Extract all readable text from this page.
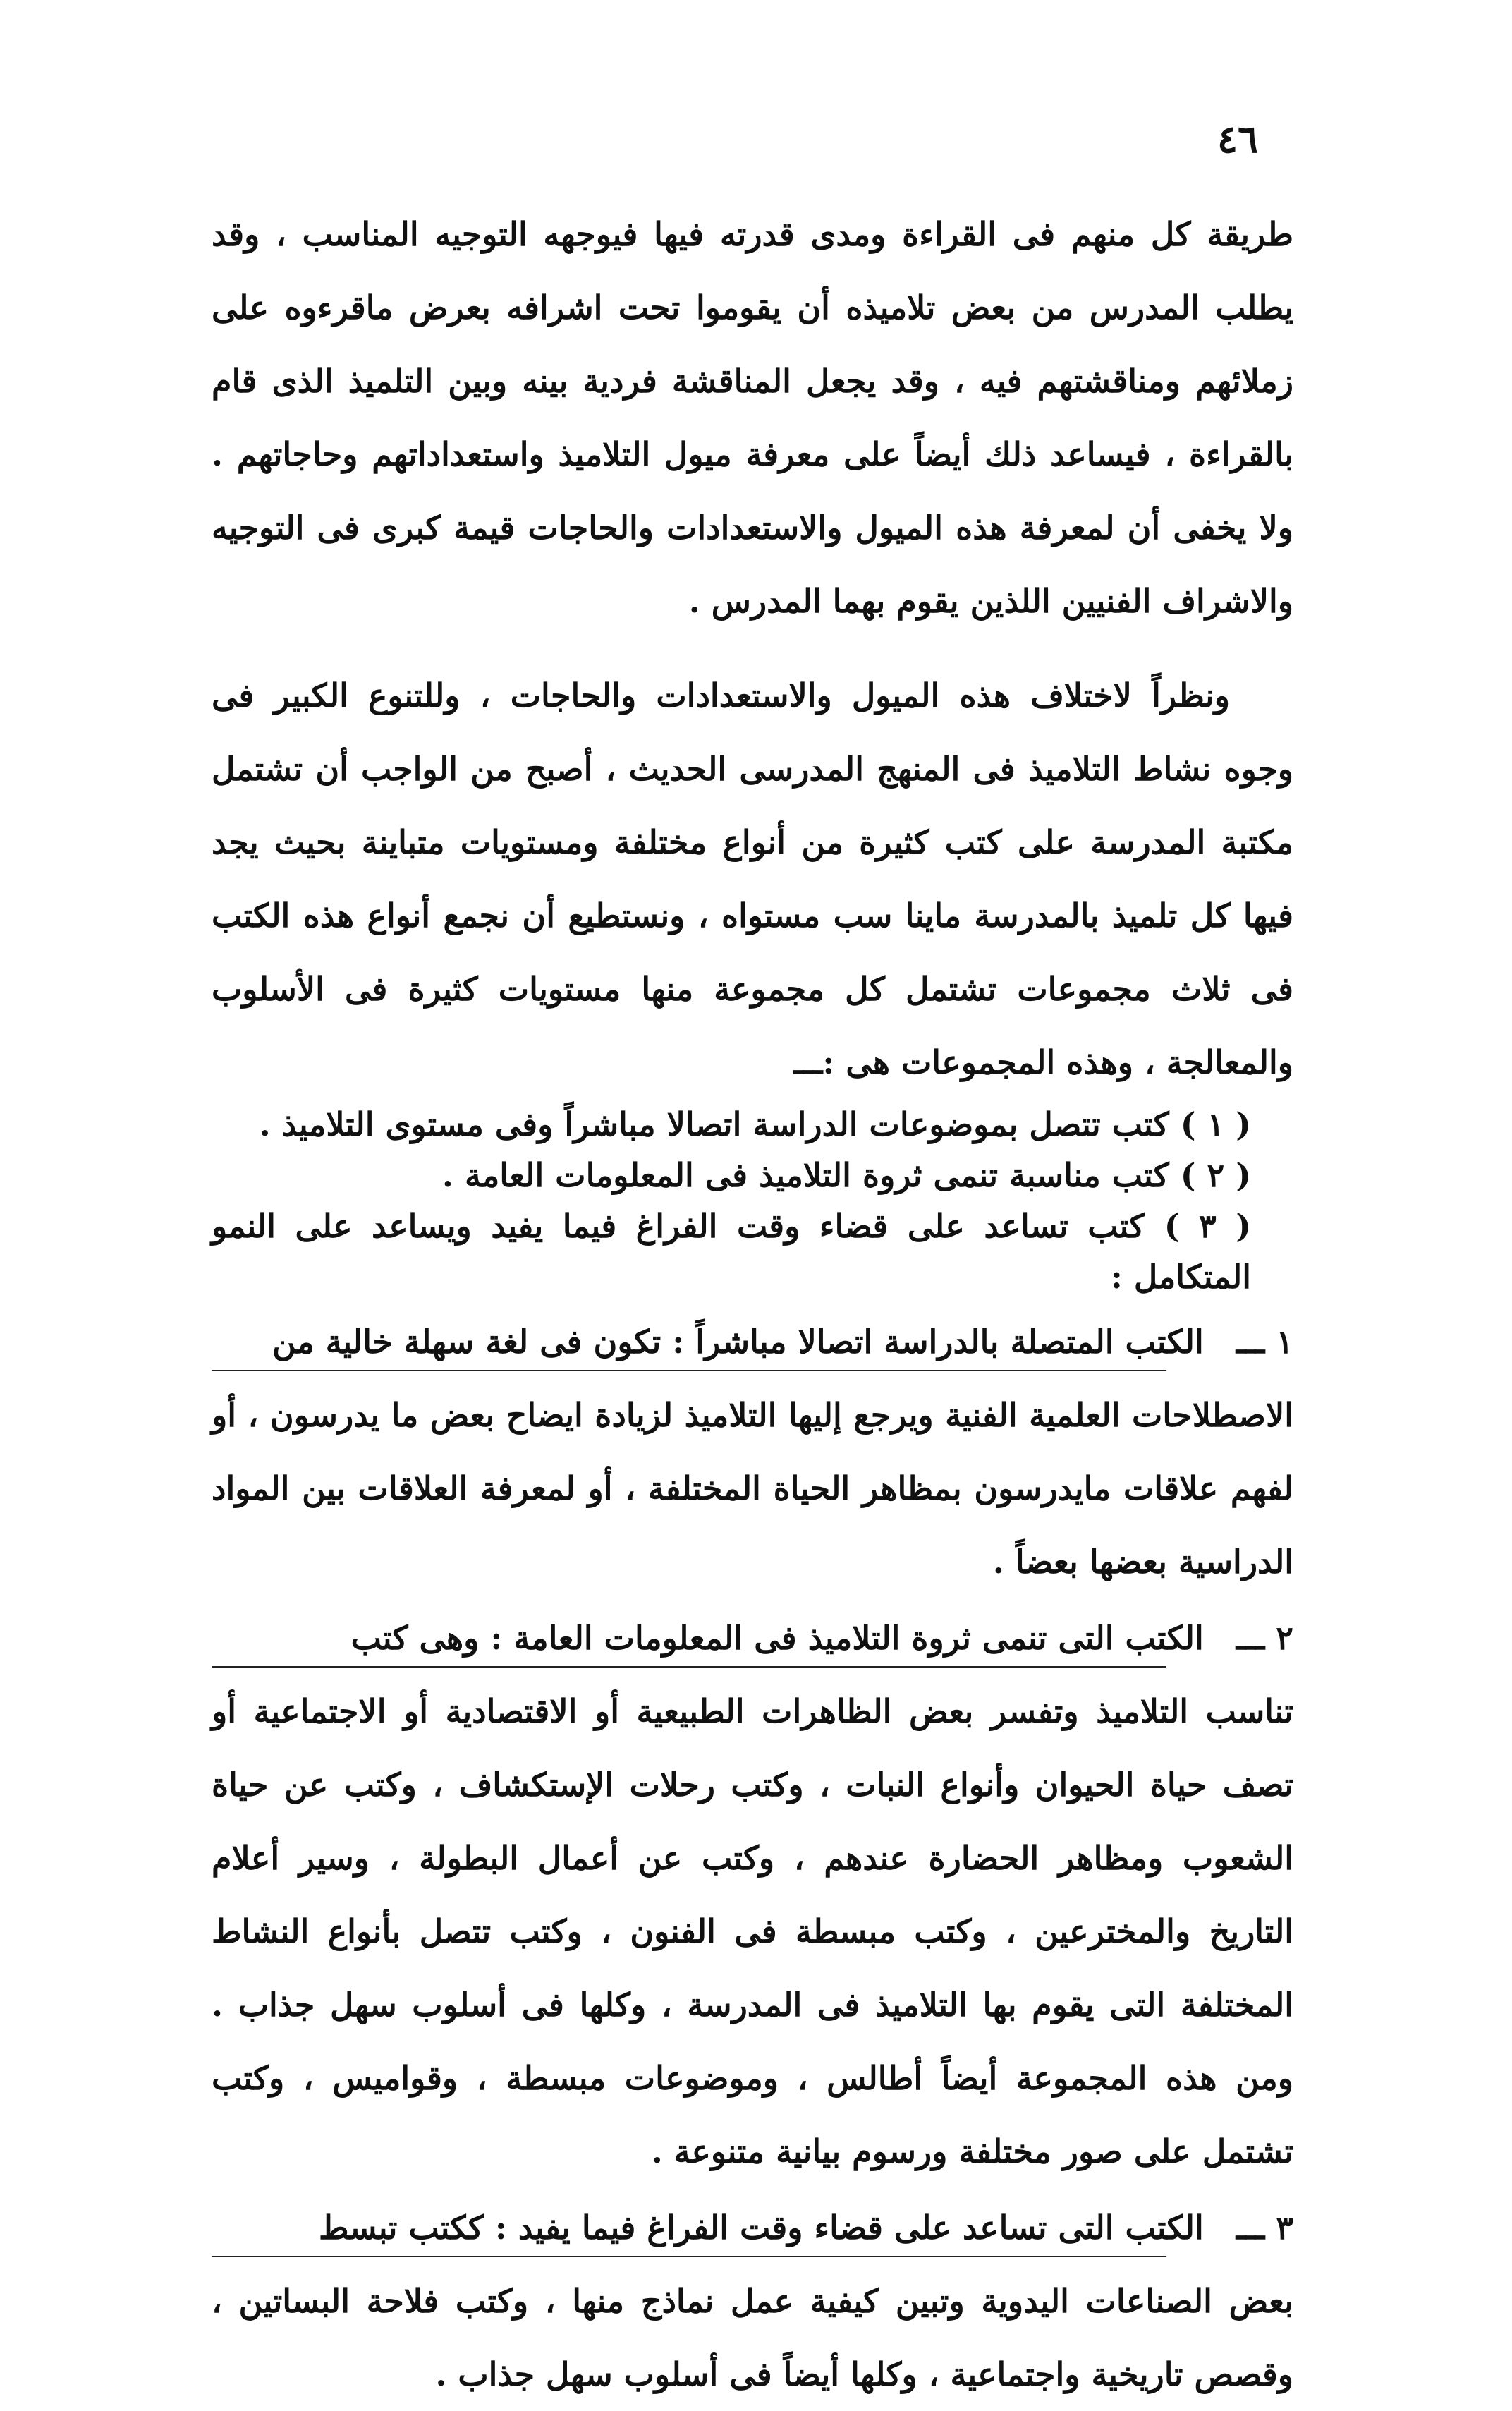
٤٦

طريقة كل منهم فى القراءة ومدى قدرته فيها فيوجهه التوجيه المناسب ، وقد يطلب المدرس من بعض تلاميذه أن يقوموا تحت اشرافه بعرض ماقرءوه على زملائهم ومناقشتهم فيه ، وقد يجعل المناقشة فردية بينه وبين التلميذ الذى قام بالقراءة ، فيساعد ذلك أيضاً على معرفة ميول التلاميذ واستعداداتهم وحاجاتهم . ولا يخفى أن لمعرفة هذه الميول والاستعدادات والحاجات قيمة كبرى فى التوجيه والاشراف الفنيين اللذين يقوم بهما المدرس .

ونظراً لاختلاف هذه الميول والاستعدادات والحاجات ، وللتنوع الكبير فى وجوه نشاط التلاميذ فى المنهج المدرسى الحديث ، أصبح من الواجب أن تشتمل مكتبة المدرسة على كتب كثيرة من أنواع مختلفة ومستويات متباينة بحيث يجد فيها كل تلميذ بالمدرسة ماينا سب مستواه ، ونستطيع أن نجمع أنواع هذه الكتب فى ثلاث مجموعات تشتمل كل مجموعة منها مستويات كثيرة فى الأسلوب والمعالجة ، وهذه المجموعات هى :ـــ

( ١ ) كتب تتصل بموضوعات الدراسة اتصالا مباشراً وفى مستوى التلاميذ .

( ٢ ) كتب مناسبة تنمى ثروة التلاميذ فى المعلومات العامة .

( ٣ ) كتب تساعد على قضاء وقت الفراغ فيما يفيد ويساعد على النمو المتكامل :

١ ـــ الكتب المتصلة بالدراسة اتصالا مباشراً : تكون فى لغة سهلة خالية من
الاصطلاحات العلمية الفنية ويرجع إليها التلاميذ لزيادة ايضاح بعض ما يدرسون ، أو لفهم علاقات مايدرسون بمظاهر الحياة المختلفة ، أو لمعرفة العلاقات بين المواد الدراسية بعضها بعضاً .
٢ ـــ الكتب التى تنمى ثروة التلاميذ فى المعلومات العامة : وهى كتب
تناسب التلاميذ وتفسر بعض الظاهرات الطبيعية أو الاقتصادية أو الاجتماعية أو تصف حياة الحيوان وأنواع النبات ، وكتب رحلات الإستكشاف ، وكتب عن حياة الشعوب ومظاهر الحضارة عندهم ، وكتب عن أعمال البطولة ، وسير أعلام التاريخ والمخترعين ، وكتب مبسطة فى الفنون ، وكتب تتصل بأنواع النشاط المختلفة التى يقوم بها التلاميذ فى المدرسة ، وكلها فى أسلوب سهل جذاب . ومن هذه المجموعة أيضاً أطالس ، وموضوعات مبسطة ، وقواميس ، وكتب تشتمل على صور مختلفة ورسوم بيانية متنوعة .
٣ ـــ الكتب التى تساعد على قضاء وقت الفراغ فيما يفيد : ككتب تبسط
بعض الصناعات اليدوية وتبين كيفية عمل نماذج منها ، وكتب فلاحة البساتين ، وقصص تاريخية واجتماعية ، وكلها أيضاً فى أسلوب سهل جذاب .
